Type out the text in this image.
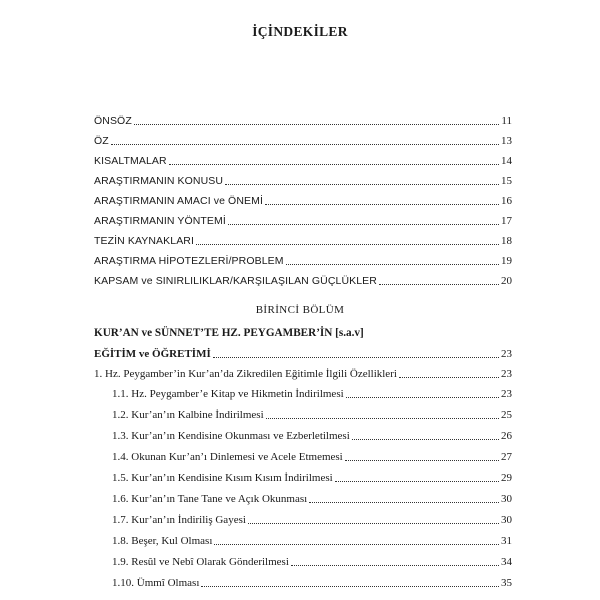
İÇİNDEKİLER
ÖNSÖZ	11
ÖZ	13
KISALTMALAR	14
ARAŞTIRMANIN KONUSU	15
ARAŞTIRMANIN AMACI ve ÖNEMİ	16
ARAŞTIRMANIN YÖNTEMİ	17
TEZİN KAYNAKLARI	18
ARAŞTIRMA HİPOTEZLERİ/PROBLEM	19
KAPSAM ve SINIRLILIKLAR/KARŞILAŞILAN GÜÇLÜKLER	20
BİRİNCİ BÖLÜM
KUR’AN ve SÜNNET’TE HZ. PEYGAMBER’İN [s.a.v]
EĞİTİM ve ÖĞRETİMİ	23
1. Hz. Peygamber’in Kur’an’da Zikredilen Eğitimle İlgili Özellikleri	23
1.1. Hz. Peygamber’e Kitap ve Hikmetin İndirilmesi	23
1.2. Kur’an’ın Kalbine İndirilmesi	25
1.3. Kur’an’ın Kendisine Okunması ve Ezberletilmesi	26
1.4. Okunan Kur’an’ı Dinlemesi ve Acele Etmemesi	27
1.5. Kur’an’ın Kendisine Kısım Kısım İndirilmesi	29
1.6. Kur’an’ın Tane Tane ve Açık Okunması	30
1.7. Kur’an’ın İndiriliş Gayesi	30
1.8. Beşer, Kul Olması	31
1.9. Resûl ve Nebî Olarak Gönderilmesi	34
1.10. Ümmî Olması	35
